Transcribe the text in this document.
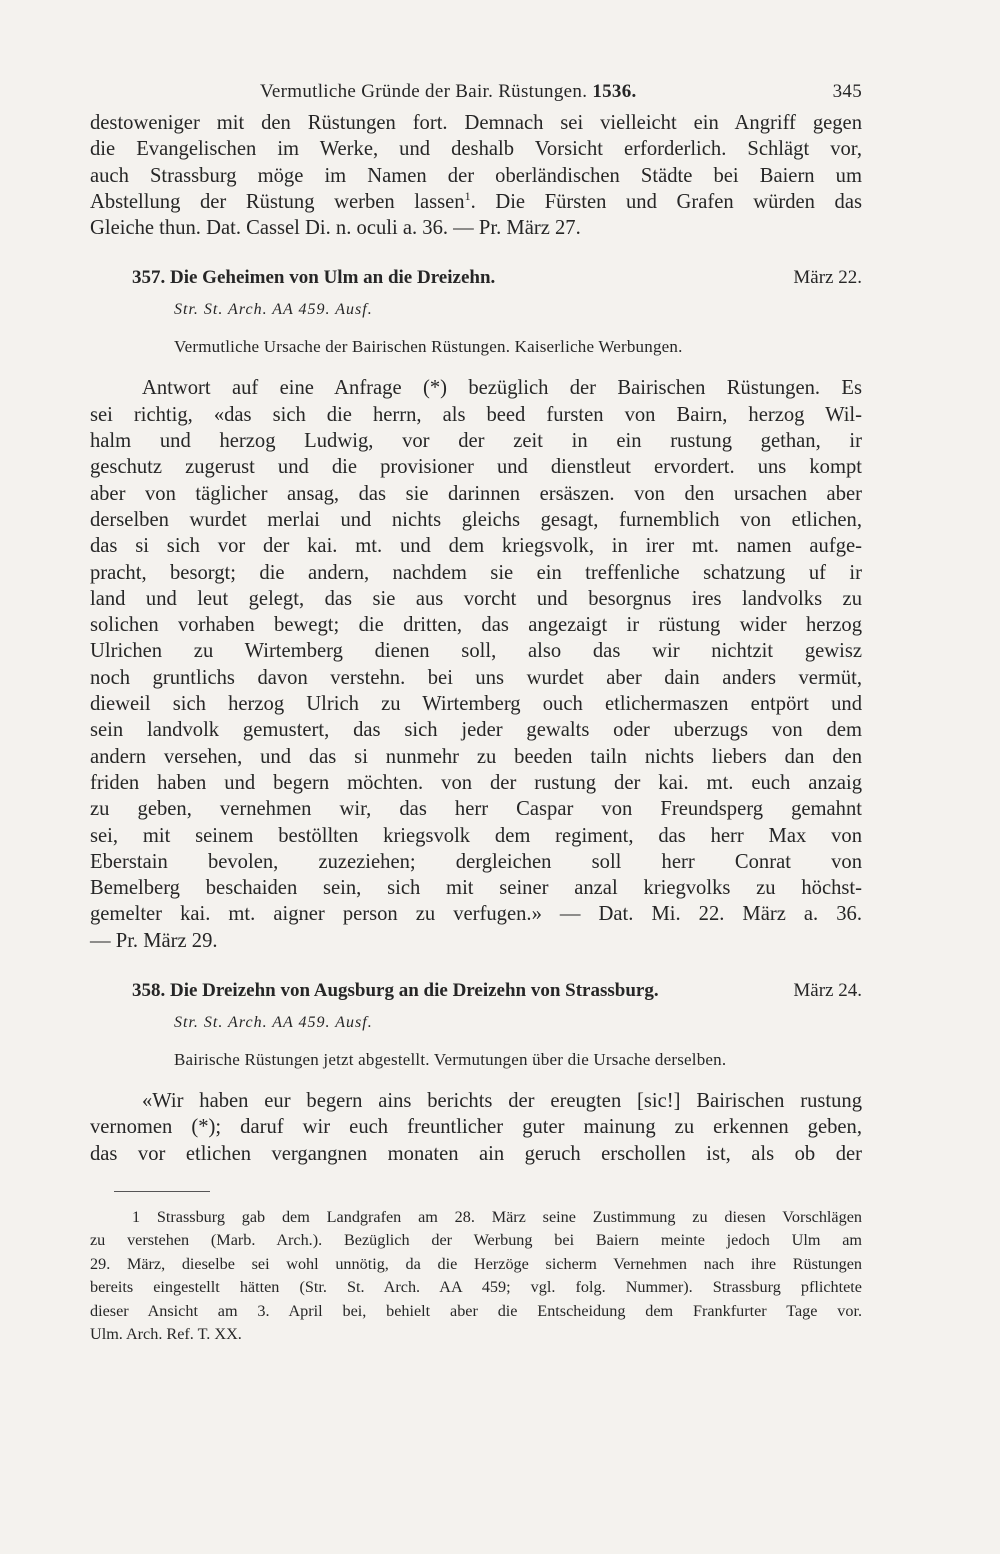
Vermutliche Gründe der Bair. Rüstungen. 1536.	345
destoweniger mit den Rüstungen fort. Demnach sei vielleicht ein Angriff gegen
die Evangelischen im Werke, und deshalb Vorsicht erforderlich. Schlägt vor,
auch Strassburg möge im Namen der oberländischen Städte bei Baiern um
Abstellung der Rüstung werben lassen$^1$. Die Fürsten und Grafen würden das
Gleiche thun. Dat. Cassel Di. n. oculi a. 36. — Pr. März 27.
357. Die Geheimen von Ulm an die Dreizehn.	März 22.
Str. St. Arch. AA 459. Ausf.
Vermutliche Ursache der Bairischen Rüstungen. Kaiserliche Werbungen.
Antwort auf eine Anfrage (*) bezüglich der Bairischen Rüstungen. Es
sei richtig, «das sich die herrn, als beed fursten von Bairn, herzog Wil-
halm und herzog Ludwig, vor der zeit in ein rustung gethan, ir
geschutz zugerust und die provisioner und dienstleut ervordert. uns kompt
aber von täglicher ansag, das sie darinnen ersäszen. von den ursachen aber
derselben wurdet merlai und nichts gleichs gesagt, furnemblich von etlichen,
das si sich vor der kai. mt. und dem kriegsvolk, in irer mt. namen aufge-
pracht, besorgt; die andern, nachdem sie ein treffenliche schatzung uf ir
land und leut gelegt, das sie aus vorcht und besorgnus ires landvolks zu
solichen vorhaben bewegt; die dritten, das angezaigt ir rüstung wider herzog
Ulrichen zu Wirtemberg dienen soll, also das wir nichtzit gewisz
noch gruntlichs davon verstehn. bei uns wurdet aber dain anders vermüt,
dieweil sich herzog Ulrich zu Wirtemberg ouch etlichermaszen entpört und
sein landvolk gemustert, das sich jeder gewalts oder uberzugs von dem
andern versehen, und das si nunmehr zu beeden tailn nichts liebers dan den
friden haben und begern möchten. von der rustung der kai. mt. euch anzaig
zu geben, vernehmen wir, das herr Caspar von Freundsperg gemahnt
sei, mit seinem bestöllten kriegsvolk dem regiment, das herr Max von
Eberstain bevolen, zuzeziehen; dergleichen soll herr Conrat von
Bemelberg beschaiden sein, sich mit seiner anzal kriegvolks zu höchst-
gemelter kai. mt. aigner person zu verfugen.» — Dat. Mi. 22. März a. 36.
— Pr. März 29.
358. Die Dreizehn von Augsburg an die Dreizehn von Strassburg.	März 24.
Str. St. Arch. AA 459. Ausf.
Bairische Rüstungen jetzt abgestellt. Vermutungen über die Ursache derselben.
«Wir haben eur begern ains berichts der ereugten [sic!] Bairischen rustung
vernomen (*); daruf wir euch freuntlicher guter mainung zu erkennen geben,
das vor etlichen vergangnen monaten ain geruch erschollen ist, als ob der
1 Strassburg gab dem Landgrafen am 28. März seine Zustimmung zu diesen Vorschlägen
zu verstehen (Marb. Arch.). Bezüglich der Werbung bei Baiern meinte jedoch Ulm am
29. März, dieselbe sei wohl unnötig, da die Herzöge sicherm Vernehmen nach ihre Rüstungen
bereits eingestellt hätten (Str. St. Arch. AA 459; vgl. folg. Nummer). Strassburg pflichtete
dieser Ansicht am 3. April bei, behielt aber die Entscheidung dem Frankfurter Tage vor.
Ulm. Arch. Ref. T. XX.
